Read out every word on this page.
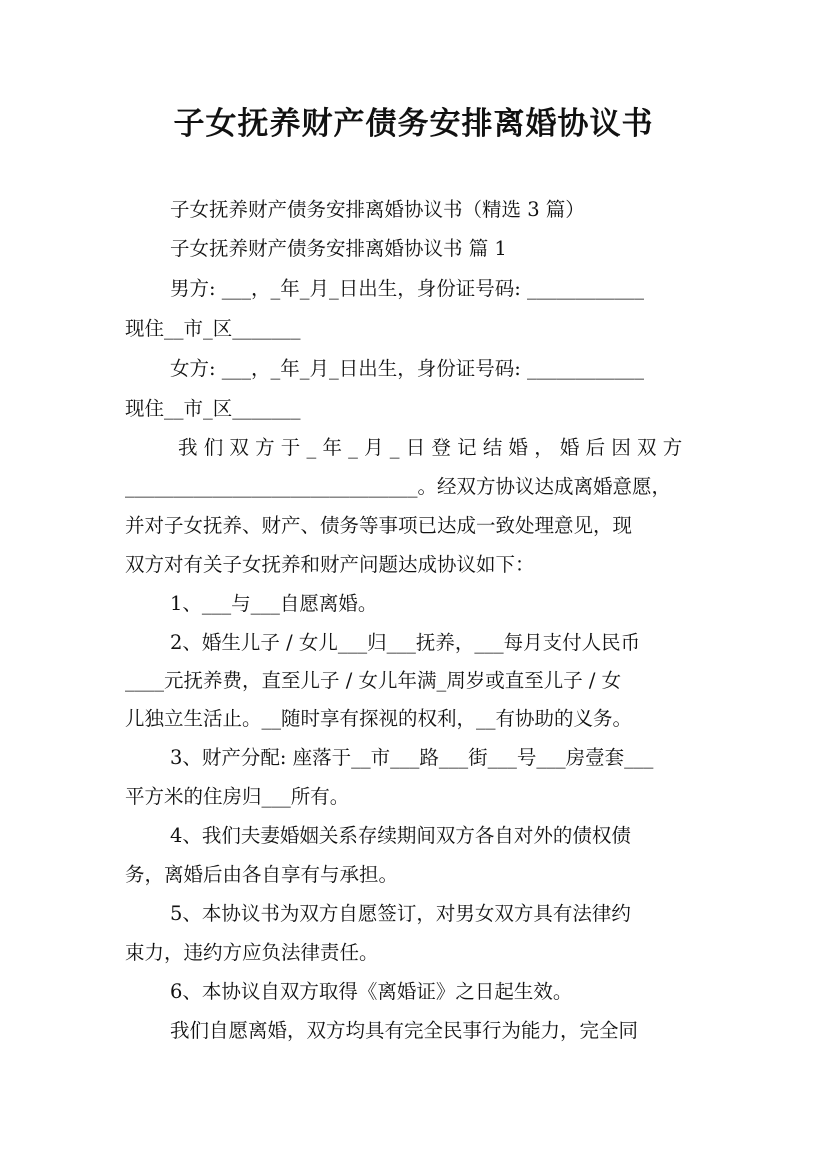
子女抚养财产债务安排离婚协议书
子女抚养财产债务安排离婚协议书（精选 3 篇）
子女抚养财产债务安排离婚协议书 篇 1
男方: ___，_年_月_日出生，身份证号码: ____________
现住__市_区_______
女方: ___，_年_月_日出生，身份证号码: ____________
现住__市_区_______
我 们 双 方 于 _ 年 _ 月 _ 日 登 记 结 婚 ， 婚 后 因 双 方
______________________________。经双方协议达成离婚意愿，
并对子女抚养、财产、债务等事项已达成一致处理意见，现
双方对有关子女抚养和财产问题达成协议如下：
1、___与___自愿离婚。
2、婚生儿子 / 女儿___归___抚养，___每月支付人民币
____元抚养费，直至儿子 / 女儿年满_周岁或直至儿子 / 女
儿独立生活止。__随时享有探视的权利，__有协助的义务。
3、财产分配: 座落于__市___路___街___号___房壹套___
平方米的住房归___所有。
4、我们夫妻婚姻关系存续期间双方各自对外的债权债
务，离婚后由各自享有与承担。
5、本协议书为双方自愿签订，对男女双方具有法律约
束力，违约方应负法律责任。
6、本协议自双方取得《离婚证》之日起生效。
我们自愿离婚，双方均具有完全民事行为能力，完全同
